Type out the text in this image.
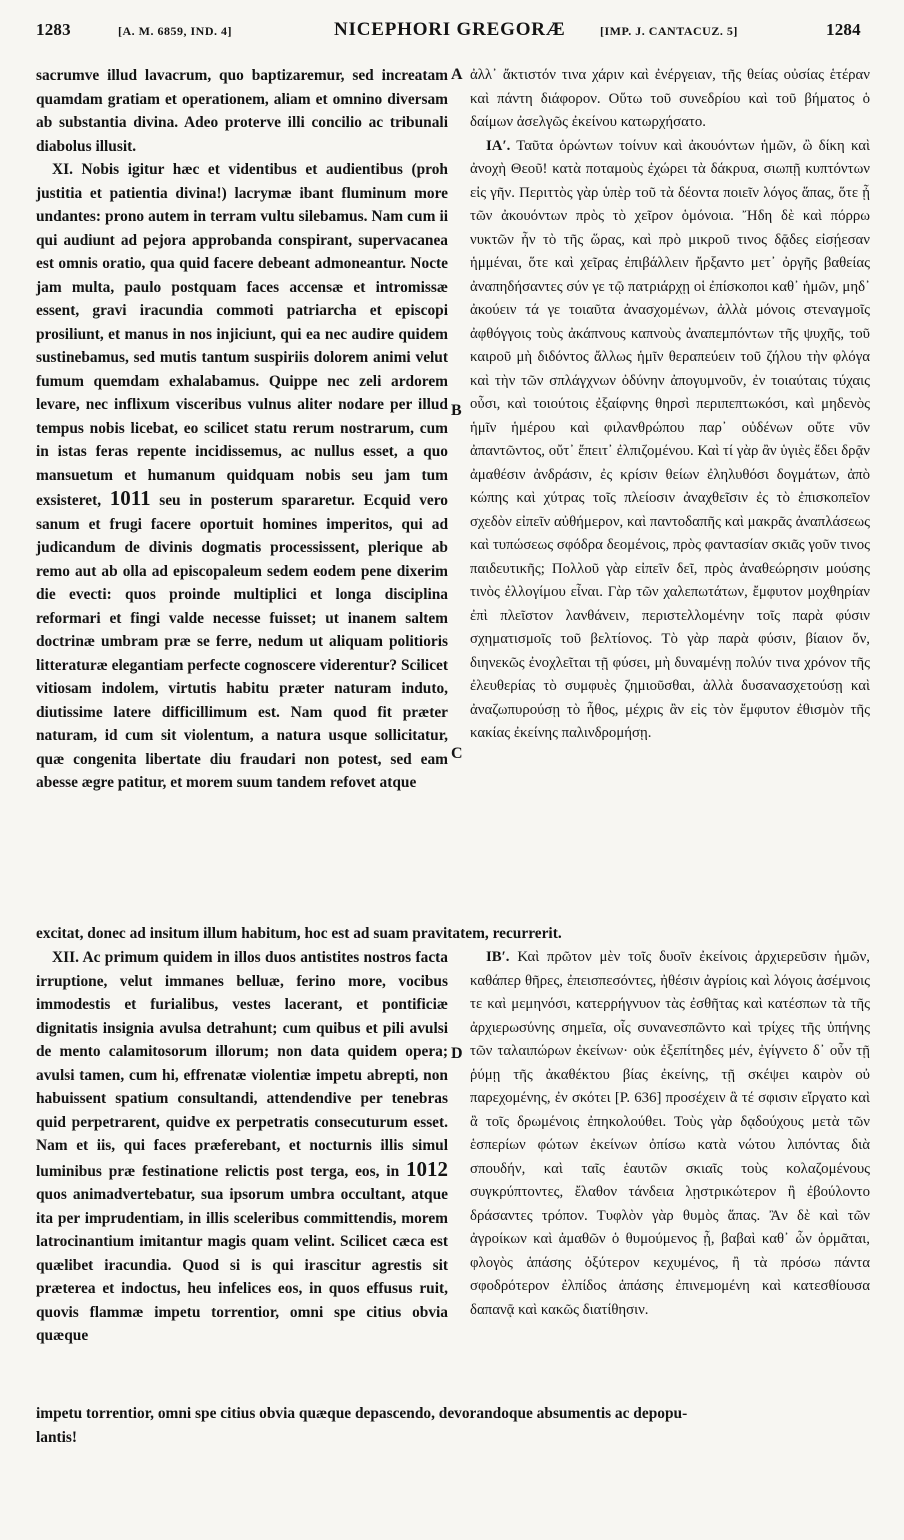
1283	[A. M. 6859, IND. 4]	NICEPHORI GREGORÆ	[IMP. J. CANTACUZ. 5]	1284
A
B
C
D

sacrumve illud lavacrum, quo baptizaremur, sed increatam quamdam gratiam et operationem, aliam et omnino diversam ab substantia divina. Adeo proterve illi concilio ac tribunali diabolus illusit.

XI. Nobis igitur hæc et videntibus et audientibus (proh justitia et patientia divina!) lacrymæ ibant fluminum more undantes: prono autem in terram vultu silebamus. Nam cum ii qui audiunt ad pejora approbanda conspirant, supervacanea est omnis oratio, qua quid facere debeant admoneantur. Nocte jam multa, paulo postquam faces accensæ et intromissæ essent, gravi iracundia commoti patriarcha et episcopi prosiliunt, et manus in nos injiciunt, qui ea nec audire quidem sustinebamus, sed mutis tantum suspiriis dolorem animi velut fumum quemdam exhalabamus. Quippe nec zeli ardorem levare, nec inflixum visceribus vulnus aliter nodare per illud tempus nobis licebat, eo scilicet statu rerum nostrarum, cum in istas feras repente incidissemus, ac nullus esset, a quo mansuetum et humanum quidquam nobis seu jam tum exsisteret, 1011 seu in posterum spararetur. Ecquid vero sanum et frugi facere oportuit homines imperitos, qui ad judicandum de divinis dogmatis processissent, plerique ab remo aut ab olla ad episcopaleum sedem eodem pene dixerim die evecti: quos proinde multiplici et longa disciplina reformari et fingi valde necesse fuisset; ut inanem saltem doctrinæ umbram præ se ferre, nedum ut aliquam politioris litteraturæ elegantiam perfecte cognoscere viderentur? Scilicet vitiosam indolem, virtutis habitu præter naturam induto, diutissime latere difficillimum est. Nam quod fit præter naturam, id cum sit violentum, a natura usque sollicitatur, quæ congenita libertate diu fraudari non potest, sed eam abesse ægre patitur, et morem suum tandem refovet atque

ἀλλ᾽ ἄκτιστόν τινα χάριν καὶ ἐνέργειαν, τῆς θείας οὐσίας ἑτέραν καὶ πάντη διάφορον. Οὕτω τοῦ συνεδρίου καὶ τοῦ βήματος ὁ δαίμων ἀσελγῶς ἐκείνου κατωρχήσατο.

ΙΑʹ. Ταῦτα ὁρώντων τοίνυν καὶ ἀκουόντων ἡμῶν, ὢ δίκη καὶ ἀνοχὴ Θεοῦ! κατὰ ποταμοὺς ἐχώρει τὰ δάκρυα, σιωπῇ κυπτόντων εἰς γῆν. Περιττὸς γὰρ ὑπὲρ τοῦ τὰ δέοντα ποιεῖν λόγος ἅπας, ὅτε ᾖ τῶν ἀκουόντων πρὸς τὸ χεῖρον ὁμόνοια. Ἤδη δὲ καὶ πόρρω νυκτῶν ἦν τὸ τῆς ὥρας, καὶ πρὸ μικροῦ τινος δᾷδες εἰσῄεσαν ἡμμέναι, ὅτε καὶ χεῖρας ἐπιβάλλειν ἤρξαντο μετ᾽ ὀργῆς βαθείας ἀναπηδήσαντες σύν γε τῷ πατριάρχῃ οἱ ἐπίσκοποι καθ᾽ ἡμῶν, μηδ᾽ ἀκούειν τά γε τοιαῦτα ἀνασχομένων, ἀλλὰ μόνοις στεναγμοῖς ἀφθόγγοις τοὺς ἀκάπνους καπνοὺς ἀναπεμπόντων τῆς ψυχῆς, τοῦ καιροῦ μὴ διδόντος ἄλλως ἡμῖν θεραπεύειν τοῦ ζήλου τὴν φλόγα καὶ τὴν τῶν σπλάγχνων ὀδύνην ἀπογυμνοῦν, ἐν τοιαύταις τύχαις οὖσι, καὶ τοιούτοις ἐξαίφνης θηρσὶ περιπεπτωκόσι, καὶ μηδενὸς ἡμῖν ἡμέρου καὶ φιλανθρώπου παρ᾽ οὐδένων οὔτε νῦν ἀπαντῶντος, οὔτ᾽ ἔπειτ᾽ ἐλπιζομένου. Καὶ τί γὰρ ἂν ὑγιὲς ἔδει δρᾷν ἀμαθέσιν ἀνδράσιν, ἐς κρίσιν θείων ἐληλυθόσι δογμάτων, ἀπὸ κώπης καὶ χύτρας τοῖς πλείοσιν ἀναχθεῖσιν ἐς τὸ ἐπισκοπεῖον σχεδὸν εἰπεῖν αὐθήμερον, καὶ παντοδαπῆς καὶ μακρᾶς ἀναπλάσεως καὶ τυπώσεως σφόδρα δεομένοις, πρὸς φαντασίαν σκιᾶς γοῦν τινος παιδευτικῆς; Πολλοῦ γὰρ εἰπεῖν δεῖ, πρὸς ἀναθεώρησιν μούσης τινὸς ἐλλογίμου εἶναι. Γὰρ τῶν χαλεπωτάτων, ἔμφυτον μοχθηρίαν ἐπὶ πλεῖστον λανθάνειν, περιστελλομένην τοῖς παρὰ φύσιν σχηματισμοῖς τοῦ βελτίονος. Τὸ γὰρ παρὰ φύσιν, βίαιον ὄν, διηνεκῶς ἐνοχλεῖται τῇ φύσει, μὴ δυναμένῃ πολύν τινα χρόνον τῆς ἐλευθερίας τὸ συμφυὲς ζημιοῦσθαι, ἀλλὰ δυσανασχετούσῃ καὶ ἀναζωπυρούσῃ τὸ ἦθος, μέχρις ἂν εἰς τὸν ἔμφυτον ἐθισμὸν τῆς κακίας ἐκείνης παλινδρομήσῃ.

excitat, donec ad insitum illum habitum, hoc est ad suam pravitatem, recurrerit.

XII. Ac primum quidem in illos duos antistites nostros facta irruptione, velut immanes belluæ, ferino more, vocibus immodestis et furialibus, vestes lacerant, et pontificiæ dignitatis insignia avulsa detrahunt; cum quibus et pili avulsi de mento calamitosorum illorum; non data quidem opera; avulsi tamen, cum hi, effrenatæ violentiæ impetu abrepti, non habuissent spatium consultandi, attendendive per tenebras quid perpetrarent, quidve ex perpetratis consecuturum esset. Nam et iis, qui faces præferebant, et nocturnis illis simul luminibus præ festinatione relictis post terga, eos, in 1012 quos animadvertebatur, sua ipsorum umbra occultant, atque ita per imprudentiam, in illis sceleribus committendis, morem latrocinantium imitantur magis quam velint. Scilicet cæca est quælibet iracundia. Quod si is qui irascitur agrestis sit præterea et indoctus, heu infelices eos, in quos effusus ruit, quovis flammæ impetu torrentior, omni spe citius obvia quæque

ΙΒʹ. Καὶ πρῶτον μὲν τοῖς δυοῖν ἐκείνοις ἀρχιερεῦσιν ἡμῶν, καθάπερ θῆρες, ἐπεισπεσόντες, ἠθέσιν ἀγρίοις καὶ λόγοις ἀσέμνοις τε καὶ μεμηνόσι, κατερρήγνυον τὰς ἐσθῆτας καὶ κατέσπων τὰ τῆς ἀρχιερωσύνης σημεῖα, οἷς συνανεσπῶντο καὶ τρίχες τῆς ὑπήνης τῶν ταλαιπώρων ἐκείνων· οὐκ ἐξεπίτηδες μέν, ἐγίγνετο δ᾽ οὖν τῇ ῥύμῃ τῆς ἀκαθέκτου βίας ἐκείνης, τῇ σκέψει καιρὸν οὐ παρεχομένης, ἐν σκότει [P. 636] προσέχειν ἃ τέ σφισιν εἴργατο καὶ ἃ τοῖς δρωμένοις ἐπηκολούθει. Τοὺς γὰρ δᾳδούχους μετὰ τῶν ἑσπερίων φώτων ἐκείνων ὀπίσω κατὰ νώτου λιπόντας διὰ σπουδήν, καὶ ταῖς ἑαυτῶν σκιαῖς τοὺς κολαζομένους συγκρύπτοντες, ἔλαθον τάνδεια λῃστρικώτερον ἢ ἐβούλοντο δράσαντες τρόπον. Τυφλὸν γὰρ θυμὸς ἅπας. Ἂν δὲ καὶ τῶν ἀγροίκων καὶ ἀμαθῶν ὁ θυμούμενος ᾖ, βαβαὶ καθ᾽ ὧν ὁρμᾶται, φλογὸς ἁπάσης ὀξύτερον κεχυμένος, ἢ τὰ πρόσω πάντα σφοδρότερον ἐλπίδος ἁπάσης ἐπινεμομένη καὶ κατεσθίουσα δαπανᾷ καὶ κακῶς διατίθησιν.

impetu torrentior, omni spe citius obvia quæque depascendo, devorandoque absumentis ac depopu-
lantis!
